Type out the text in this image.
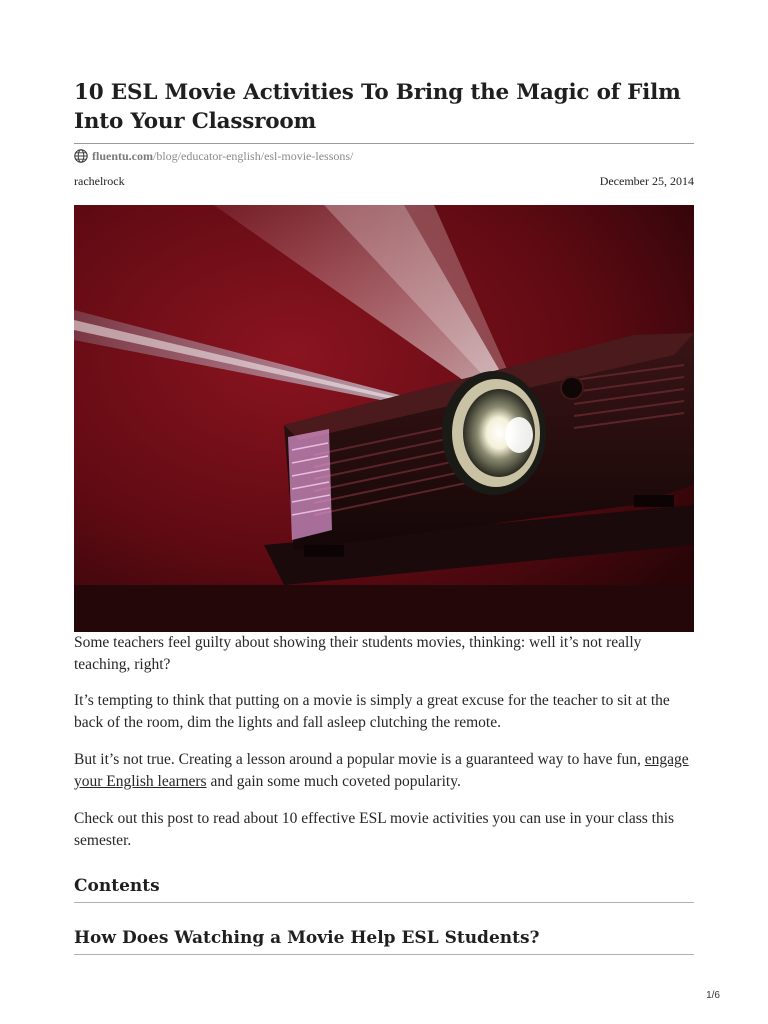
10 ESL Movie Activities To Bring the Magic of Film Into Your Classroom
fluentu.com /blog/educator-english/esl-movie-lessons/
rachelrock	December 25, 2014

Some teachers feel guilty about showing their students movies, thinking: well it’s not really teaching, right?

It’s tempting to think that putting on a movie is simply a great excuse for the teacher to sit at the back of the room, dim the lights and fall asleep clutching the remote.

But it’s not true. Creating a lesson around a popular movie is a guaranteed way to have fun, engage your English learners and gain some much coveted popularity.

Check out this post to read about 10 effective ESL movie activities you can use in your class this semester.

Contents
How Does Watching a Movie Help ESL Students?
1/6
